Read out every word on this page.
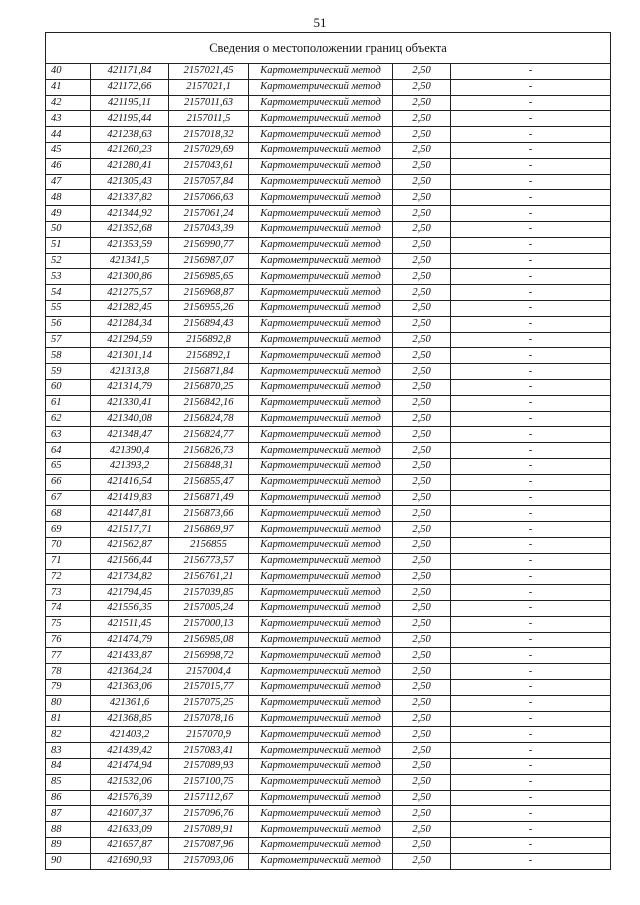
51
Сведения о местоположении границ объекта					
40	421171,84	2157021,45	Картометрический метод	2,50	-
41	421172,66	2157021,1	Картометрический метод	2,50	-
42	421195,11	2157011,63	Картометрический метод	2,50	-
43	421195,44	2157011,5	Картометрический метод	2,50	-
44	421238,63	2157018,32	Картометрический метод	2,50	-
45	421260,23	2157029,69	Картометрический метод	2,50	-
46	421280,41	2157043,61	Картометрический метод	2,50	-
47	421305,43	2157057,84	Картометрический метод	2,50	-
48	421337,82	2157066,63	Картометрический метод	2,50	-
49	421344,92	2157061,24	Картометрический метод	2,50	-
50	421352,68	2157043,39	Картометрический метод	2,50	-
51	421353,59	2156990,77	Картометрический метод	2,50	-
52	421341,5	2156987,07	Картометрический метод	2,50	-
53	421300,86	2156985,65	Картометрический метод	2,50	-
54	421275,57	2156968,87	Картометрический метод	2,50	-
55	421282,45	2156955,26	Картометрический метод	2,50	-
56	421284,34	2156894,43	Картометрический метод	2,50	-
57	421294,59	2156892,8	Картометрический метод	2,50	-
58	421301,14	2156892,1	Картометрический метод	2,50	-
59	421313,8	2156871,84	Картометрический метод	2,50	-
60	421314,79	2156870,25	Картометрический метод	2,50	-
61	421330,41	2156842,16	Картометрический метод	2,50	-
62	421340,08	2156824,78	Картометрический метод	2,50	-
63	421348,47	2156824,77	Картометрический метод	2,50	-
64	421390,4	2156826,73	Картометрический метод	2,50	-
65	421393,2	2156848,31	Картометрический метод	2,50	-
66	421416,54	2156855,47	Картометрический метод	2,50	-
67	421419,83	2156871,49	Картометрический метод	2,50	-
68	421447,81	2156873,66	Картометрический метод	2,50	-
69	421517,71	2156869,97	Картометрический метод	2,50	-
70	421562,87	2156855	Картометрический метод	2,50	-
71	421566,44	2156773,57	Картометрический метод	2,50	-
72	421734,82	2156761,21	Картометрический метод	2,50	-
73	421794,45	2157039,85	Картометрический метод	2,50	-
74	421556,35	2157005,24	Картометрический метод	2,50	-
75	421511,45	2157000,13	Картометрический метод	2,50	-
76	421474,79	2156985,08	Картометрический метод	2,50	-
77	421433,87	2156998,72	Картометрический метод	2,50	-
78	421364,24	2157004,4	Картометрический метод	2,50	-
79	421363,06	2157015,77	Картометрический метод	2,50	-
80	421361,6	2157075,25	Картометрический метод	2,50	-
81	421368,85	2157078,16	Картометрический метод	2,50	-
82	421403,2	2157070,9	Картометрический метод	2,50	-
83	421439,42	2157083,41	Картометрический метод	2,50	-
84	421474,94	2157089,93	Картометрический метод	2,50	-
85	421532,06	2157100,75	Картометрический метод	2,50	-
86	421576,39	2157112,67	Картометрический метод	2,50	-
87	421607,37	2157096,76	Картометрический метод	2,50	-
88	421633,09	2157089,91	Картометрический метод	2,50	-
89	421657,87	2157087,96	Картометрический метод	2,50	-
90	421690,93	2157093,06	Картометрический метод	2,50	-
